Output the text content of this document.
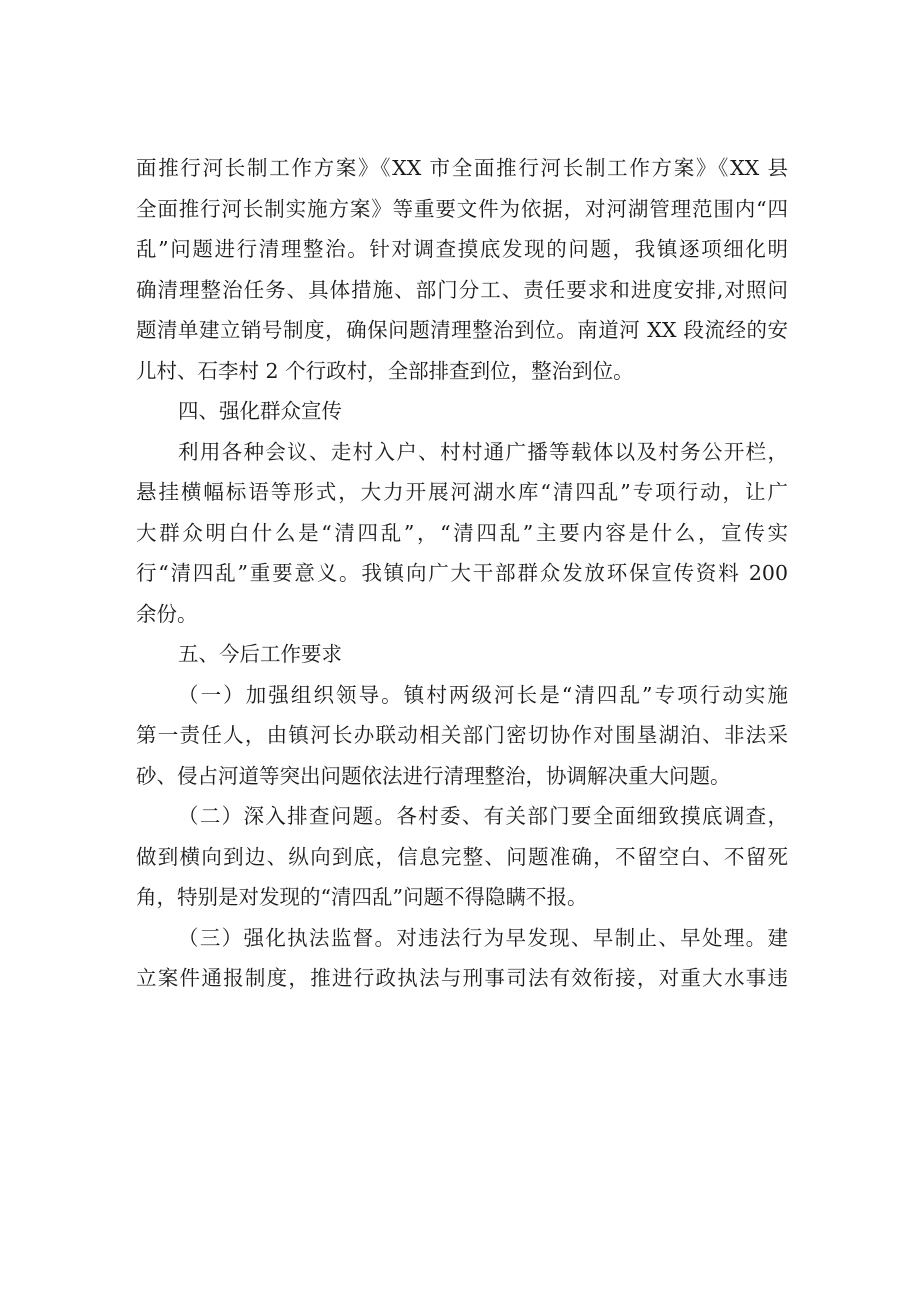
面推行河长制工作方案》《XX 市全面推行河长制工作方案》《XX 县

全面推行河长制实施方案》等重要文件为依据，对河湖管理范围内“四

乱”问题进行清理整治。针对调查摸底发现的问题，我镇逐项细化明

确清理整治任务、具体措施、部门分工、责任要求和进度安排,对照问

题清单建立销号制度，确保问题清理整治到位。南道河 XX 段流经的安

儿村、石李村 2 个行政村，全部排查到位，整治到位。

四、强化群众宣传

利用各种会议、走村入户、村村通广播等载体以及村务公开栏，

悬挂横幅标语等形式，大力开展河湖水库“清四乱”专项行动，让广

大群众明白什么是“清四乱”，“清四乱”主要内容是什么，宣传实

行“清四乱”重要意义。我镇向广大干部群众发放环保宣传资料 200

余份。

五、今后工作要求

（一）加强组织领导。镇村两级河长是“清四乱”专项行动实施

第一责任人，由镇河长办联动相关部门密切协作对围垦湖泊、非法采

砂、侵占河道等突出问题依法进行清理整治，协调解决重大问题。

（二）深入排查问题。各村委、有关部门要全面细致摸底调查，

做到横向到边、纵向到底，信息完整、问题准确，不留空白、不留死

角，特别是对发现的“清四乱”问题不得隐瞒不报。

（三）强化执法监督。对违法行为早发现、早制止、早处理。建

立案件通报制度，推进行政执法与刑事司法有效衔接，对重大水事违
